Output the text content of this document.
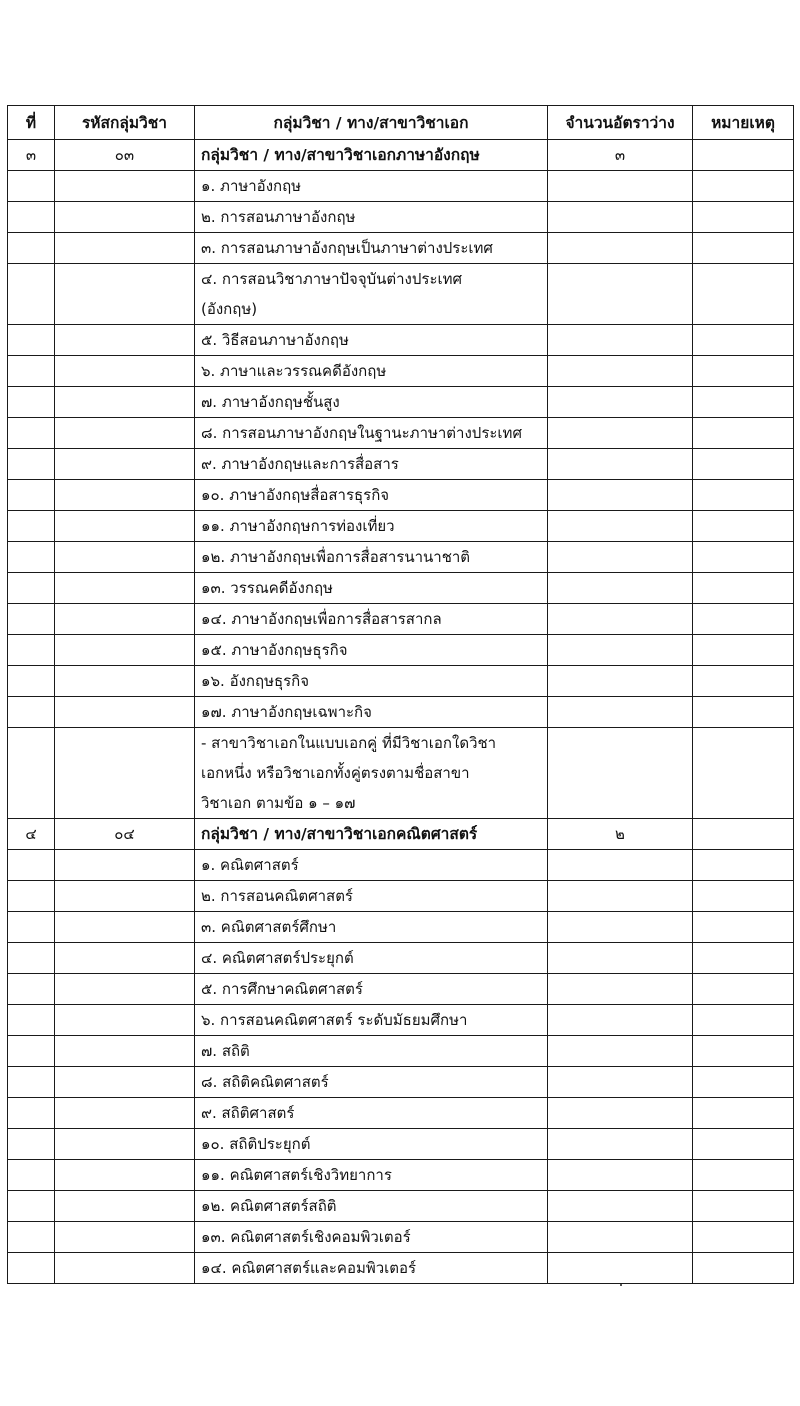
ที่	รหัสกลุ่มวิชา	กลุ่มวิชา / ทาง/สาขาวิชาเอก	จำนวนอัตราว่าง	หมายเหตุ
๓	๐๓	กลุ่มวิชา / ทาง/สาขาวิชาเอกภาษาอังกฤษ	๓	
		๑. ภาษาอังกฤษ		
		๒. การสอนภาษาอังกฤษ		
		๓. การสอนภาษาอังกฤษเป็นภาษาต่างประเทศ		

		๔. การสอนวิชาภาษาปัจจุบันต่างประเทศ
(อังกฤษ)		

		๕. วิธีสอนภาษาอังกฤษ		
		๖. ภาษาและวรรณคดีอังกฤษ		
		๗. ภาษาอังกฤษชั้นสูง		
		๘. การสอนภาษาอังกฤษในฐานะภาษาต่างประเทศ		
		๙. ภาษาอังกฤษและการสื่อสาร		
		๑๐. ภาษาอังกฤษสื่อสารธุรกิจ		
		๑๑. ภาษาอังกฤษการท่องเที่ยว		
		๑๒. ภาษาอังกฤษเพื่อการสื่อสารนานาชาติ		
		๑๓. วรรณคดีอังกฤษ		
		๑๔. ภาษาอังกฤษเพื่อการสื่อสารสากล		
		๑๕. ภาษาอังกฤษธุรกิจ		
		๑๖. อังกฤษธุรกิจ		
		๑๗. ภาษาอังกฤษเฉพาะกิจ		

		- สาขาวิชาเอกในแบบเอกคู่ ที่มีวิชาเอกใดวิชา
เอกหนึ่ง หรือวิชาเอกทั้งคู่ตรงตามชื่อสาขา
วิชาเอก ตามข้อ ๑ – ๑๗		

๔	๐๔	กลุ่มวิชา / ทาง/สาขาวิชาเอกคณิตศาสตร์	๒	
		๑. คณิตศาสตร์		
		๒. การสอนคณิตศาสตร์		
		๓. คณิตศาสตร์ศึกษา		
		๔. คณิตศาสตร์ประยุกต์		
		๕. การศึกษาคณิตศาสตร์		
		๖. การสอนคณิตศาสตร์ ระดับมัธยมศึกษา		
		๗. สถิติ		
		๘. สถิติคณิตศาสตร์		
		๙. สถิติศาสตร์		
		๑๐. สถิติประยุกต์		
		๑๑. คณิตศาสตร์เชิงวิทยาการ		
		๑๒. คณิตศาสตร์สถิติ		
		๑๓. คณิตศาสตร์เชิงคอมพิวเตอร์		
		๑๔. คณิตศาสตร์และคอมพิวเตอร์		
